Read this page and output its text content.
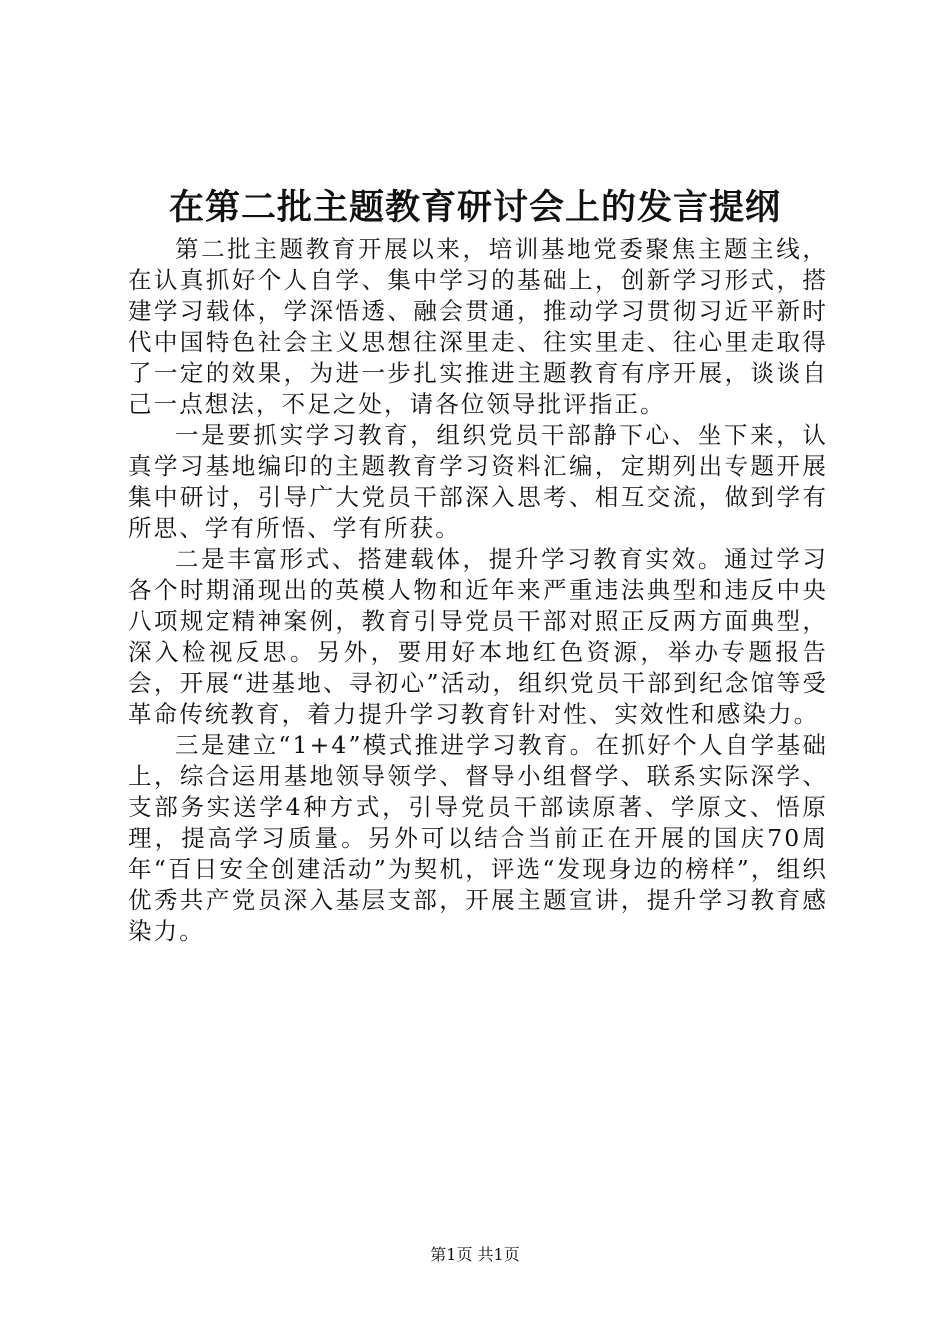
在第二批主题教育研讨会上的发言提纲

第二批主题教育开展以来，培训基地党委聚焦主题主线，在认真抓好个人自学、集中学习的基础上，创新学习形式，搭建学习载体，学深悟透、融会贯通，推动学习贯彻习近平新时代中国特色社会主义思想往深里走、往实里走、往心里走取得了一定的效果，为进一步扎实推进主题教育有序开展，谈谈自己一点想法，不足之处，请各位领导批评指正。

一是要抓实学习教育，组织党员干部静下心、坐下来，认真学习基地编印的主题教育学习资料汇编，定期列出专题开展集中研讨，引导广大党员干部深入思考、相互交流，做到学有所思、学有所悟、学有所获。

二是丰富形式、搭建载体，提升学习教育实效。通过学习各个时期涌现出的英模人物和近年来严重违法典型和违反中央八项规定精神案例，教育引导党员干部对照正反两方面典型，深入检视反思。另外，要用好本地红色资源，举办专题报告会，开展“进基地、寻初心”活动，组织党员干部到纪念馆等受革命传统教育，着力提升学习教育针对性、实效性和感染力。

三是建立“1+4”模式推进学习教育。在抓好个人自学基础上，综合运用基地领导领学、督导小组督学、联系实际深学、支部务实送学4种方式，引导党员干部读原著、学原文、悟原理，提高学习质量。另外可以结合当前正在开展的国庆70周年“百日安全创建活动”为契机，评选“发现身边的榜样”，组织优秀共产党员深入基层支部，开展主题宣讲，提升学习教育感染力。

第1页 共1页
